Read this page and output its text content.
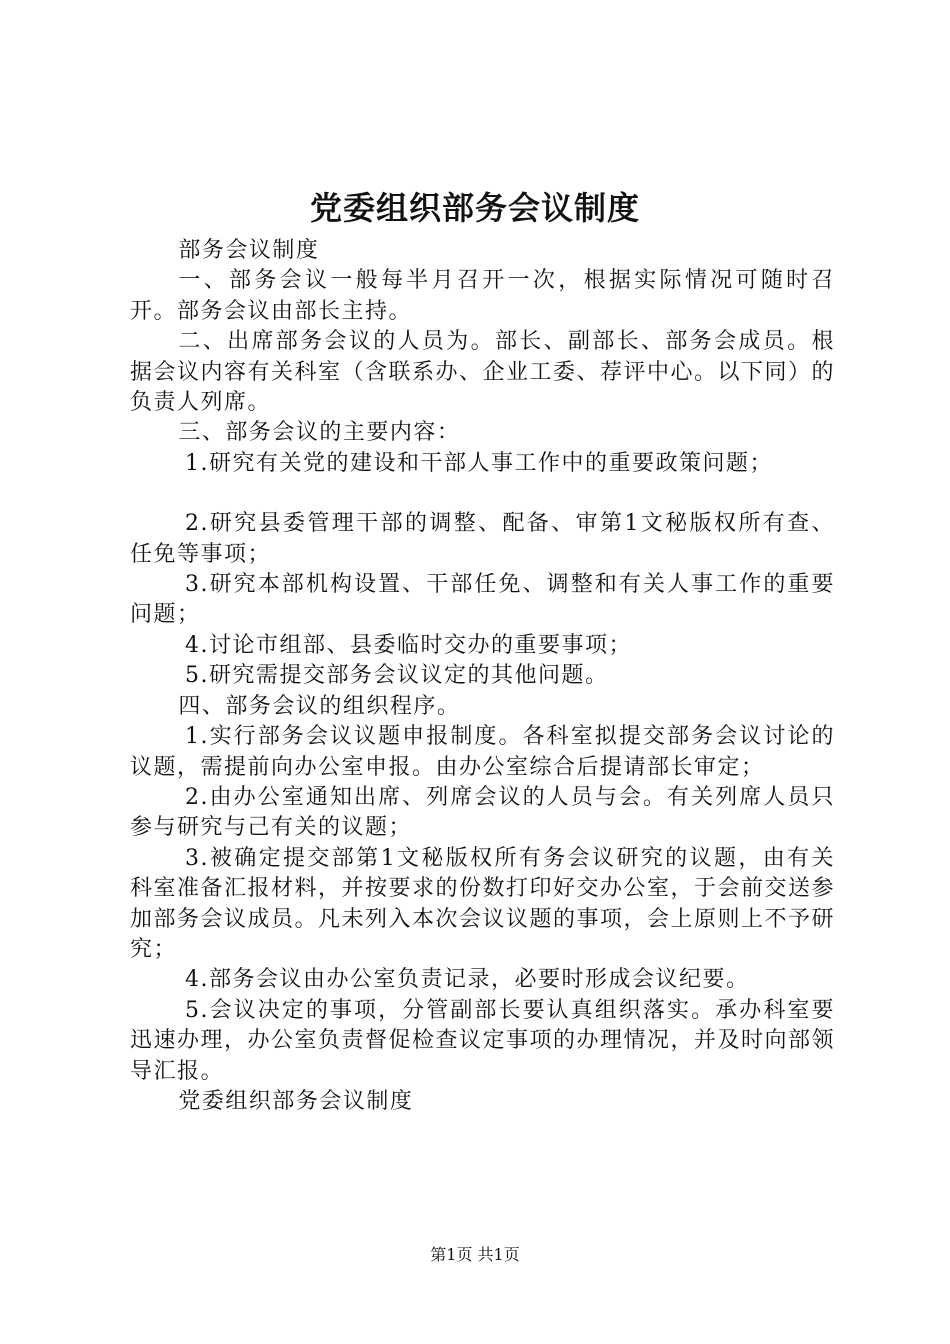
党委组织部务会议制度

部务会议制度

一、部务会议一般每半月召开一次，根据实际情况可随时召开。部务会议由部长主持。

二、出席部务会议的人员为。部长、副部长、部务会成员。根据会议内容有关科室（含联系办、企业工委、荐评中心。以下同）的负责人列席。

三、部务会议的主要内容：

1.研究有关党的建设和干部人事工作中的重要政策问题；

2.研究县委管理干部的调整、配备、审第1文秘版权所有查、任免等事项；

3.研究本部机构设置、干部任免、调整和有关人事工作的重要问题；

4.讨论市组部、县委临时交办的重要事项；

5.研究需提交部务会议议定的其他问题。

四、部务会议的组织程序。

1.实行部务会议议题申报制度。各科室拟提交部务会议讨论的议题，需提前向办公室申报。由办公室综合后提请部长审定；

2.由办公室通知出席、列席会议的人员与会。有关列席人员只参与研究与己有关的议题；

3.被确定提交部第1文秘版权所有务会议研究的议题，由有关科室准备汇报材料，并按要求的份数打印好交办公室，于会前交送参加部务会议成员。凡未列入本次会议议题的事项，会上原则上不予研究；

4.部务会议由办公室负责记录，必要时形成会议纪要。

5.会议决定的事项，分管副部长要认真组织落实。承办科室要迅速办理，办公室负责督促检查议定事项的办理情况，并及时向部领导汇报。

党委组织部务会议制度

第1页 共1页
